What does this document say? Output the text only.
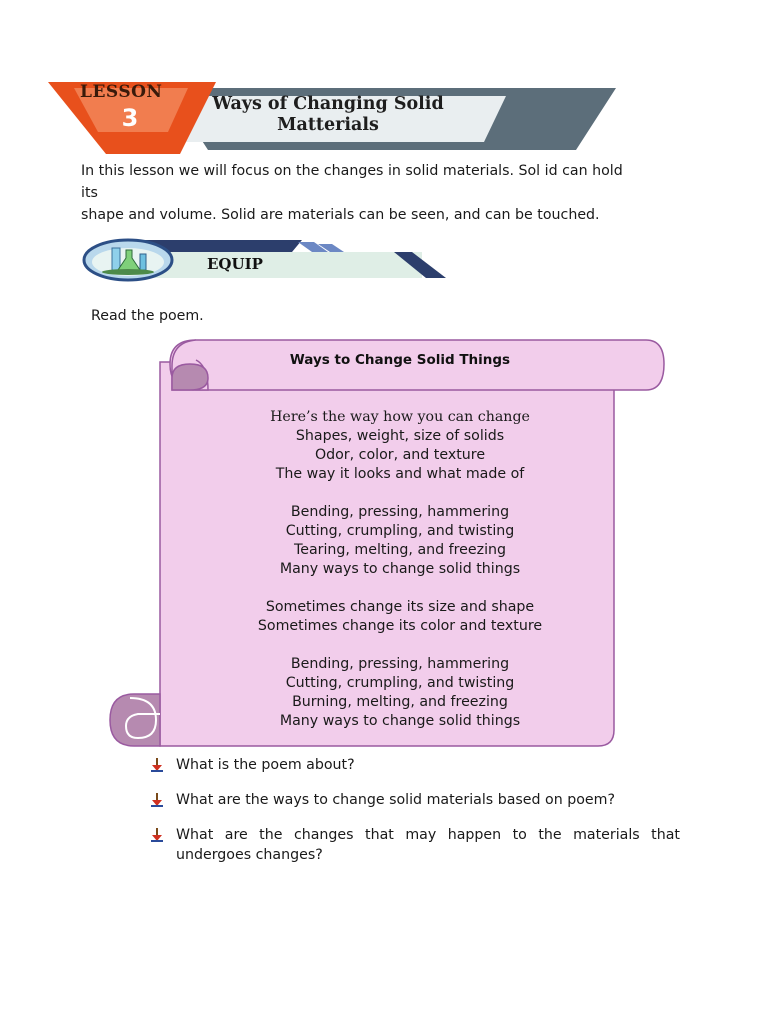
LESSON
3	Ways of Changing Solid
Matterials
In this lesson we will focus on the changes in solid materials. Sol id can hold its
shape and volume. Solid are materials can be seen, and can be touched.
EQUIP
Read the poem.
Ways to Change Solid Things
Here’s the way how you can change
Shapes, weight, size of solids
Odor, color, and texture
The way it looks and what made of
Bending, pressing, hammering
Cutting, crumpling, and twisting
Tearing, melting, and freezing
Many ways to change solid things
Sometimes change its size and shape
Sometimes change its color and texture
Bending, pressing, hammering
Cutting, crumpling, and twisting
Burning, melting, and freezing
Many ways to change solid things
What is the poem about?
What are the ways to change solid materials based on poem?
What are the changes that may happen to the materials that undergoes changes?
